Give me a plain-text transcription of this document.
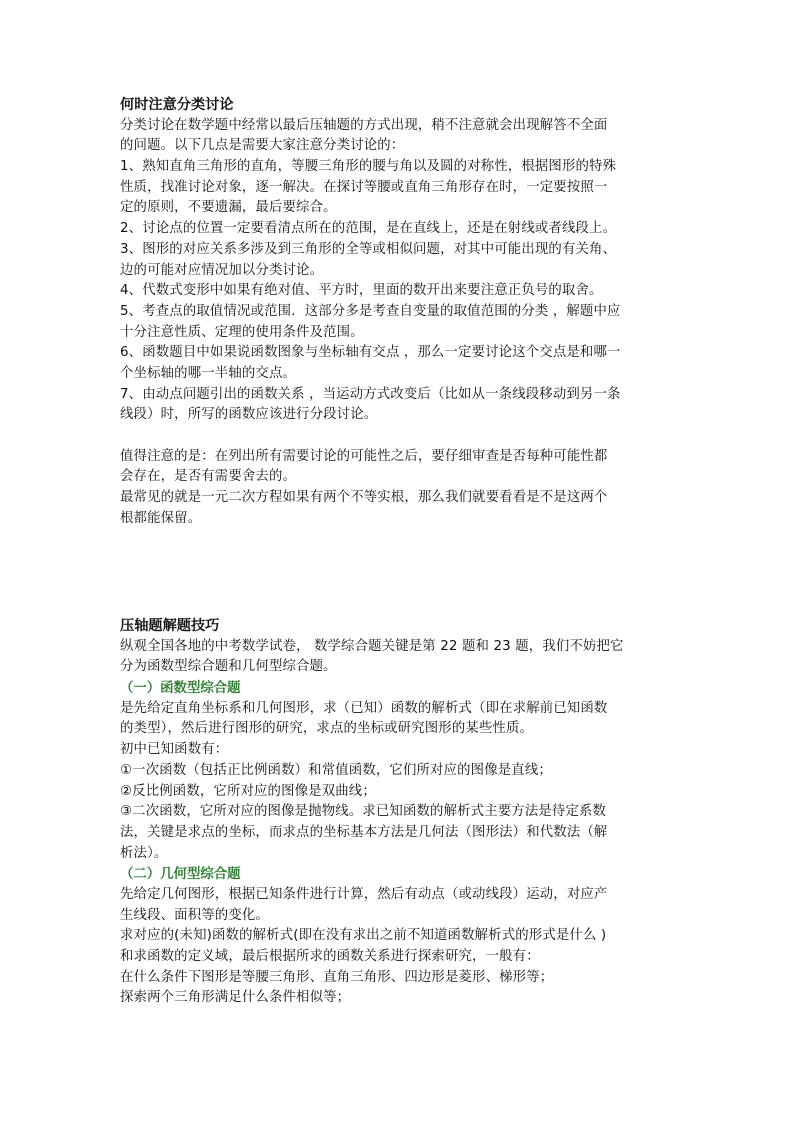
何时注意分类讨论
分类讨论在数学题中经常以最后压轴题的方式出现，稍不注意就会出现解答不全面
的问题。以下几点是需要大家注意分类讨论的：
1、熟知直角三角形的直角，等腰三角形的腰与角以及圆的对称性，根据图形的特殊
性质，找准讨论对象，逐一解决。在探讨等腰或直角三角形存在时，一定要按照一
定的原则，不要遗漏，最后要综合。
2、讨论点的位置一定要看清点所在的范围，是在直线上，还是在射线或者线段上。
3、图形的对应关系多涉及到三角形的全等或相似问题，对其中可能出现的有关角、
边的可能对应情况加以分类讨论。
4、代数式变形中如果有绝对值、平方时，里面的数开出来要注意正负号的取舍。
5、考查点的取值情况或范围．这部分多是考查自变量的取值范围的分类 ，解题中应
十分注意性质、定理的使用条件及范围。
6、函数题目中如果说函数图象与坐标轴有交点 ，那么一定要讨论这个交点是和哪一
个坐标轴的哪一半轴的交点。
7、由动点问题引出的函数关系 ，当运动方式改变后（比如从一条线段移动到另一条
线段）时，所写的函数应该进行分段讨论。
值得注意的是：在列出所有需要讨论的可能性之后，要仔细审查是否每种可能性都
会存在，是否有需要舍去的。
最常见的就是一元二次方程如果有两个不等实根，那么我们就要看看是不是这两个
根都能保留。
压轴题解题技巧
纵观全国各地的中考数学试卷， 数学综合题关键是第 22 题和 23 题，我们不妨把它
分为函数型综合题和几何型综合题。
（一）函数型综合题
是先给定直角坐标系和几何图形，求（已知）函数的解析式（即在求解前已知函数
的类型），然后进行图形的研究，求点的坐标或研究图形的某些性质。
初中已知函数有：
①一次函数（包括正比例函数）和常值函数，它们所对应的图像是直线；
②反比例函数，它所对应的图像是双曲线；
③二次函数，它所对应的图像是抛物线。求已知函数的解析式主要方法是待定系数
法，关键是求点的坐标，而求点的坐标基本方法是几何法（图形法）和代数法（解
析法）。
（二）几何型综合题
先给定几何图形，根据已知条件进行计算，然后有动点（或动线段）运动，对应产
生线段、面积等的变化。
求对应的(未知)函数的解析式(即在没有求出之前不知道函数解析式的形式是什么 )
和求函数的定义域，最后根据所求的函数关系进行探索研究，一般有：
在什么条件下图形是等腰三角形、直角三角形、四边形是菱形、梯形等；
探索两个三角形满足什么条件相似等；
